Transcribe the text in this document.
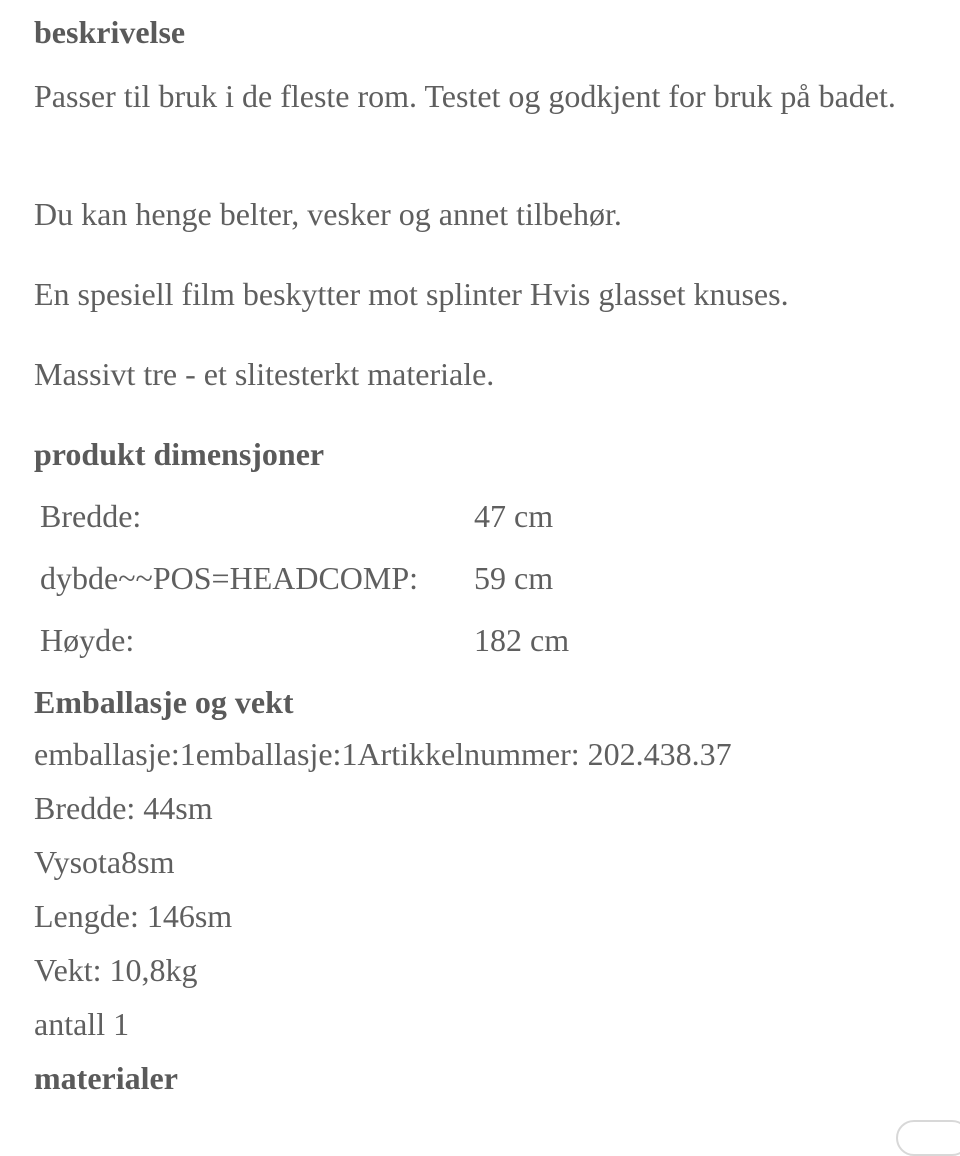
beskrivelse
Passer til bruk i de fleste rom. Testet og godkjent for bruk på badet.
Du kan henge belter, vesker og annet tilbehør.
En spesiell film beskytter mot splinter Hvis glasset knuses.
Massivt tre - et slitesterkt materiale.
produkt dimensjoner
Bredde:	47 cm
dybde~~POS=HEADCOMP: 59 cm
Høyde:	182 cm
Emballasje og vekt
emballasje:1emballasje:1Artikkelnummer: 202.438.37
Bredde: 44sm
Vysota8sm
Lengde: 146sm
Vekt: 10,8kg
antall 1
materialer
